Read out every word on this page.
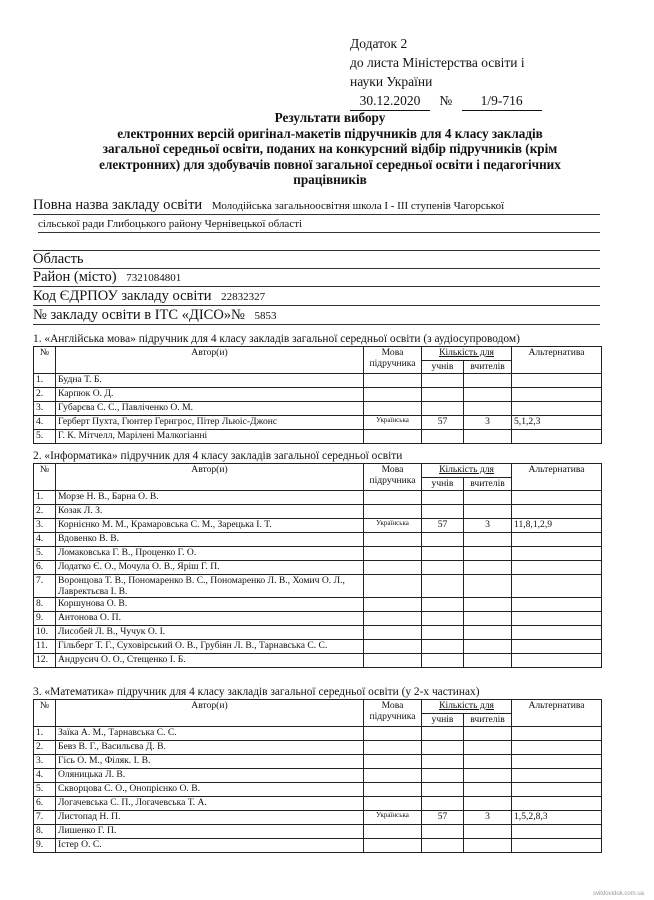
Додаток 2
до листа Міністерства освіти і
науки України
30.12.2020 № 1/9-716
Результати вибору
електронних версій оригінал-макетів підручників для 4 класу закладів
загальної середньої освіти, поданих на конкурсний відбір підручників (крім
електронних) для здобувачів повної загальної середньої освіти і педагогічних
працівників
Повна назва закладу освіти Молодійська загальноосвітня школа І - ІІІ ступенів Чагорської
сільської ради Глибоцького району Чернівецької області
Область
Район (місто) 7321084801
Код ЄДРПОУ закладу освіти 22832327
№ закладу освіти в ІТС «ДІСО»№ 5853
1. «Англійська мова» підручник для 4 класу закладів загальної середньої освіти (з аудіосупроводом)
№	Автор(и)	Мова підручника	Кількість для		Альтернатива
			учнів	вчителів	
1.	Будна Т. Б.				
2.	Карпюк О. Д.				
3.	Губарєва С. С., Павліченко О. М.				
4.	Герберт Пухта, Гюнтер Гернгрос, Пітер Льюіс-Джонс	Українська	57	3	5,1,2,3
5.	Г. К. Мітчелл, Марілені Малкогіанні				
2. «Інформатика» підручник для 4 класу закладів загальної середньої освіти
№	Автор(и)	Мова підручника	Кількість для		Альтернатива
			учнів	вчителів	
1.	Морзе Н. В., Барна О. В.				
2.	Козак Л. З.				
3.	Корнієнко М. М., Крамаровська С. М., Зарецька І. Т.	Українська	57	3	11,8,1,2,9
4.	Вдовенко В. В.				
5.	Ломаковська Г. В., Проценко Г. О.				
6.	Лодатко Є. О., Мочула О. В., Яріш Г. П.				
7.	Воронцова Т. В., Пономаренко В. С., Пономаренко Л. В., Хомич О. Л., Лавректьєва І. В.				
8.	Коршунова О. В.				
9.	Антонова О. П.				
10.	Лисобей Л. В., Чучук О. І.				
11.	Гільберг Т. Г., Суховірський О. В., Грубіян Л. В., Тарнавська С. С.				
12.	Андрусич О. О., Стещенко І. Б.				
3. «Математика» підручник для 4 класу закладів загальної середньої освіти (у 2-х частинах)
№	Автор(и)	Мова підручника	Кількість для		Альтернатива
			учнів	вчителів	
1.	Заїка А. М., Тарнавська С. С.				
2.	Бевз В. Г., Васильєва Д. В.				
3.	Гісь О. М., Філяк. І. В.				
4.	Оляницька Л. В.				
5.	Скворцова С. О., Онопрієнко О. В.				
6.	Логачевська С. П., Логачевська Т. А.				
7.	Листопад Н. П.	Українська	57	3	1,5,2,8,3
8.	Лишенко Г. П.				
9.	Істер О. С.				
svitdovidok.com.ua
